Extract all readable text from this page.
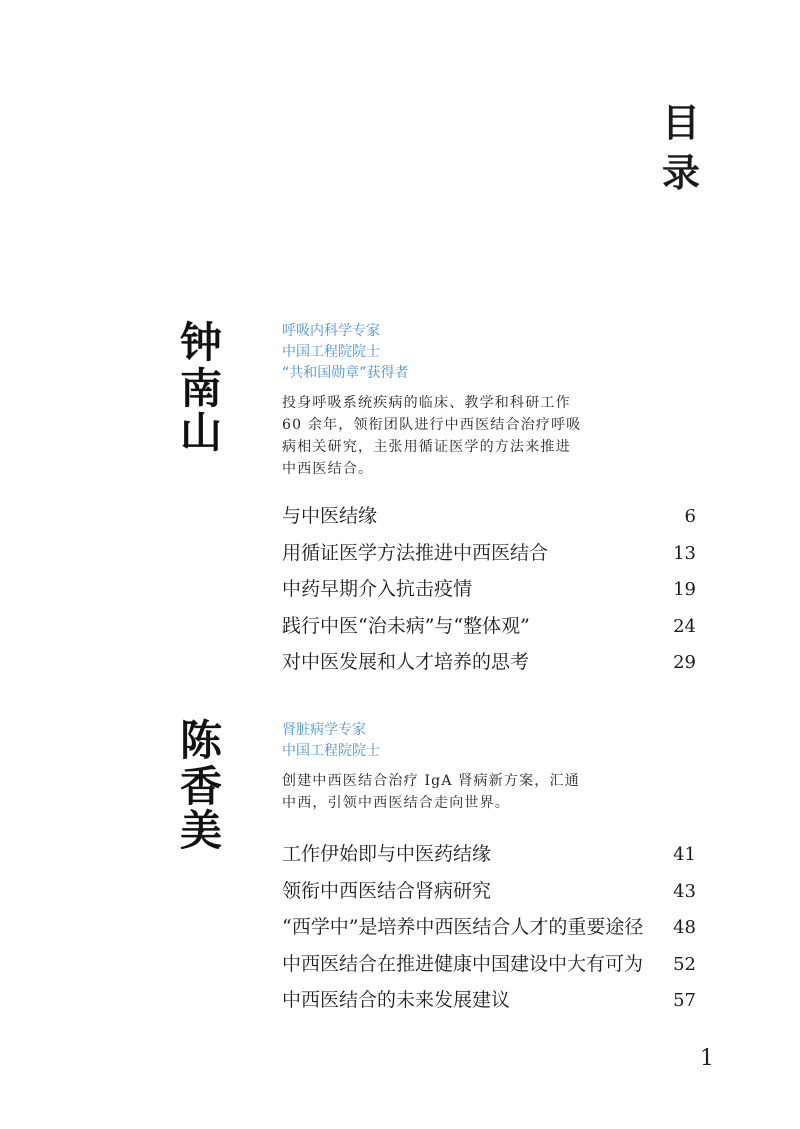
目
录
钟
南
山
呼吸内科学专家
中国工程院院士
“共和国勋章”获得者
投身呼吸系统疾病的临床、教学和科研工作
60 余年，领衔团队进行中西医结合治疗呼吸
病相关研究，主张用循证医学的方法来推进
中西医结合。
与中医结缘	6
用循证医学方法推进中西医结合	13
中药早期介入抗击疫情	19
践行中医“治未病”与“整体观”	24
对中医发展和人才培养的思考	29
陈
香
美
肾脏病学专家
中国工程院院士
创建中西医结合治疗 IgA 肾病新方案，汇通
中西，引领中西医结合走向世界。
工作伊始即与中医药结缘	41
领衔中西医结合肾病研究	43
“西学中”是培养中西医结合人才的重要途径 48
中西医结合在推进健康中国建设中大有可为 52
中西医结合的未来发展建议	57
1
